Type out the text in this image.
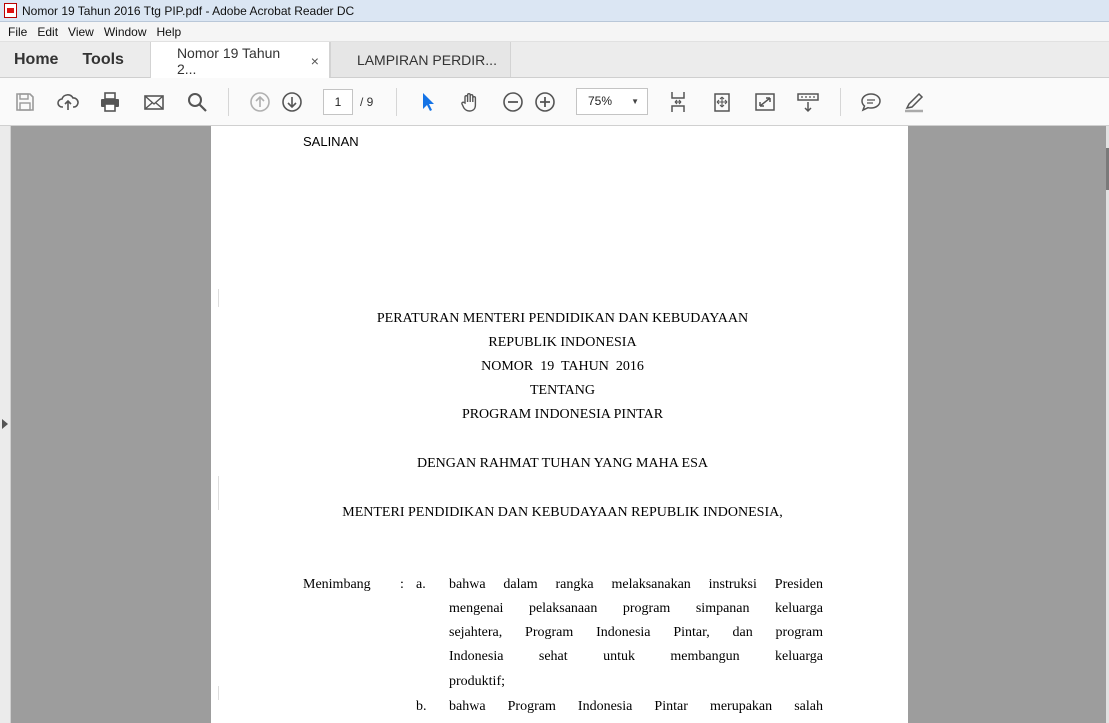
Nomor 19 Tahun 2016 Ttg PIP.pdf - Adobe Acrobat Reader DC
File Edit View Window Help
Home	Tools	Nomor 19 Tahun 2...	×	LAMPIRAN PERDIR...
1	/ 9	75% ▼
SALINAN
PERATURAN MENTERI PENDIDIKAN DAN KEBUDAYAAN
REPUBLIK INDONESIA
NOMOR  19  TAHUN  2016
TENTANG
PROGRAM INDONESIA PINTAR
DENGAN RAHMAT TUHAN YANG MAHA ESA
MENTERI PENDIDIKAN DAN KEBUDAYAAN REPUBLIK INDONESIA,
Menimbang : a. bahwa dalam rangka melaksanakan instruksi Presiden
mengenai pelaksanaan program simpanan keluarga
sejahtera, Program Indonesia Pintar, dan program
Indonesia sehat untuk membangun keluarga
produktif;
b. bahwa Program Indonesia Pintar merupakan salah
